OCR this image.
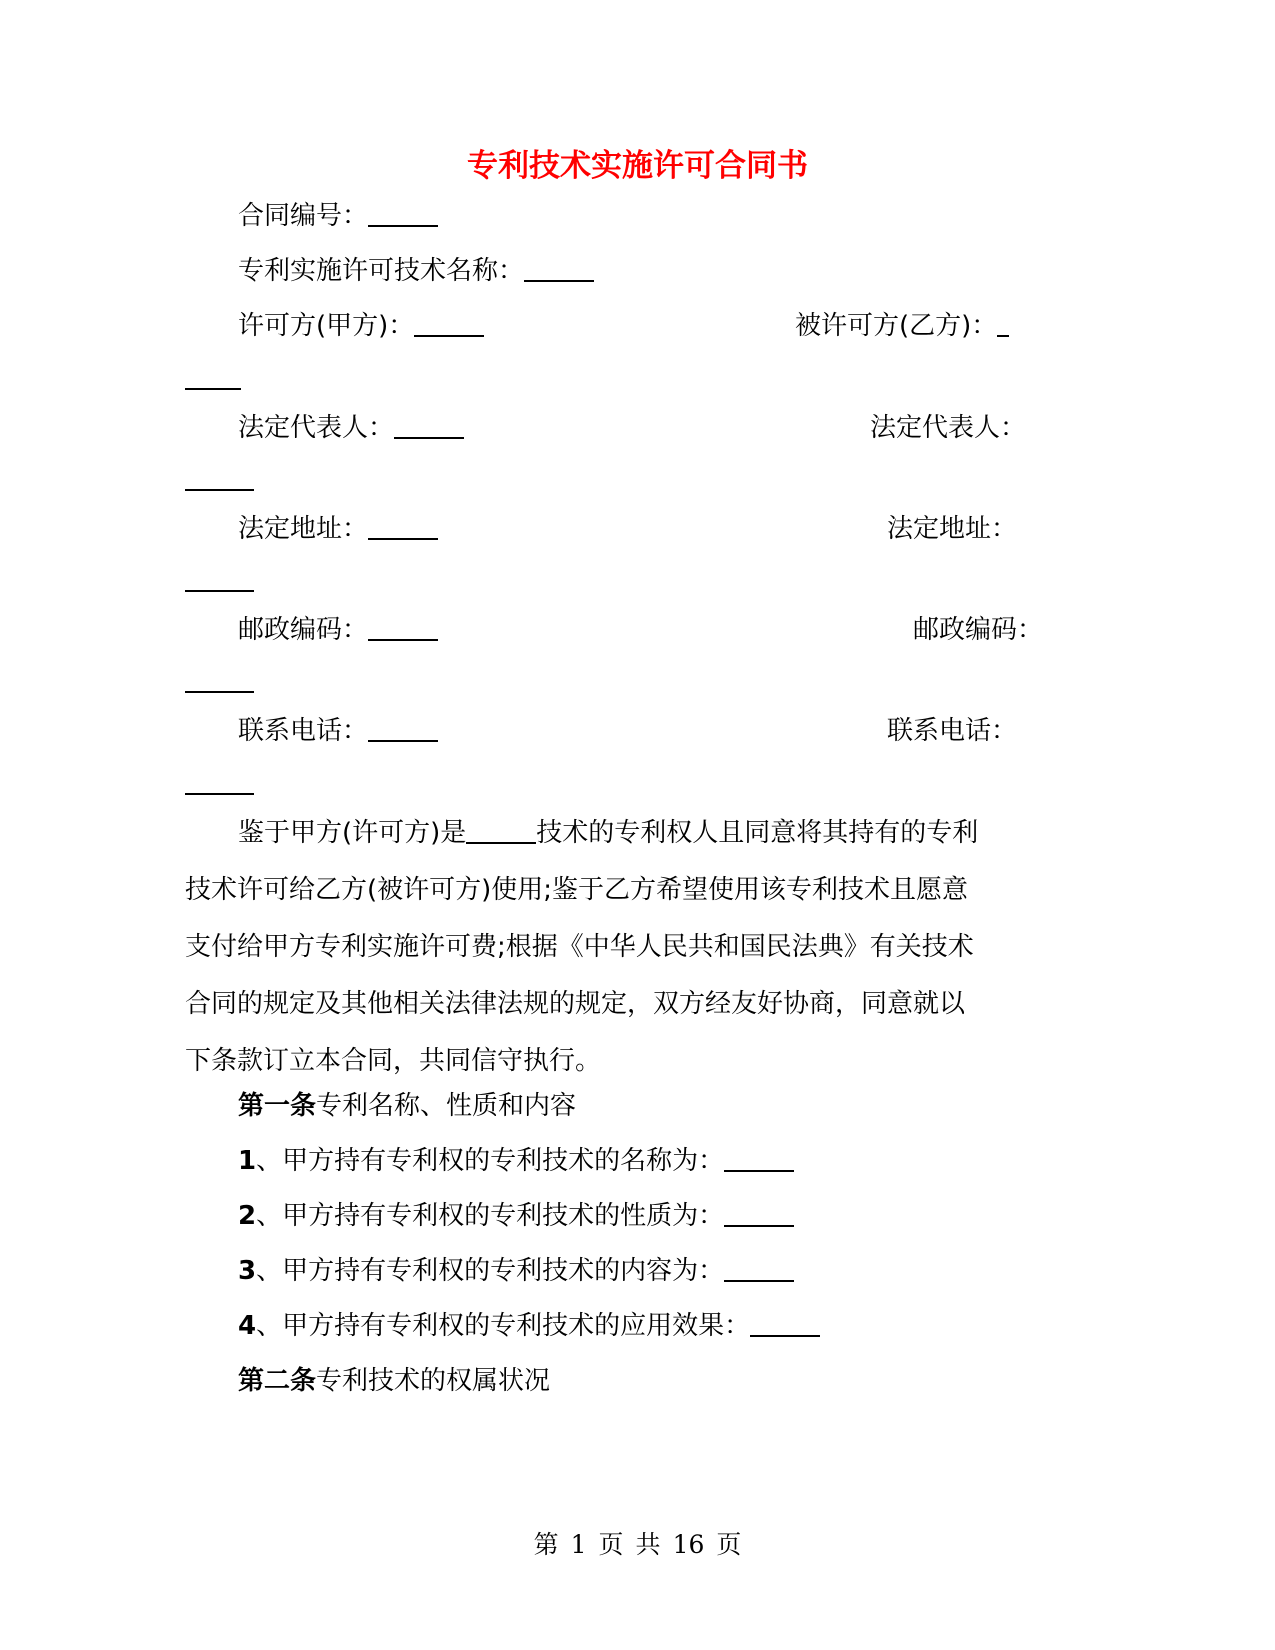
专利技术实施许可合同书
合同编号：
专利实施许可技术名称：
许可方(甲方)：	被许可方(乙方)：
法定代表人：	法定代表人：
法定地址：	法定地址：
邮政编码：	邮政编码：
联系电话：	联系电话：
鉴于甲方(许可方)是	技术的专利权人且同意将其持有的专利
技术许可给乙方(被许可方)使用;鉴于乙方希望使用该专利技术且愿意
支付给甲方专利实施许可费;根据《中华人民共和国民法典》有关技术
合同的规定及其他相关法律法规的规定，双方经友好协商，同意就以
下条款订立本合同，共同信守执行。
第一条专利名称、性质和内容
1、甲方持有专利权的专利技术的名称为：
2、甲方持有专利权的专利技术的性质为：
3、甲方持有专利权的专利技术的内容为：
4、甲方持有专利权的专利技术的应用效果：
第二条专利技术的权属状况
第 1 页 共 16 页
